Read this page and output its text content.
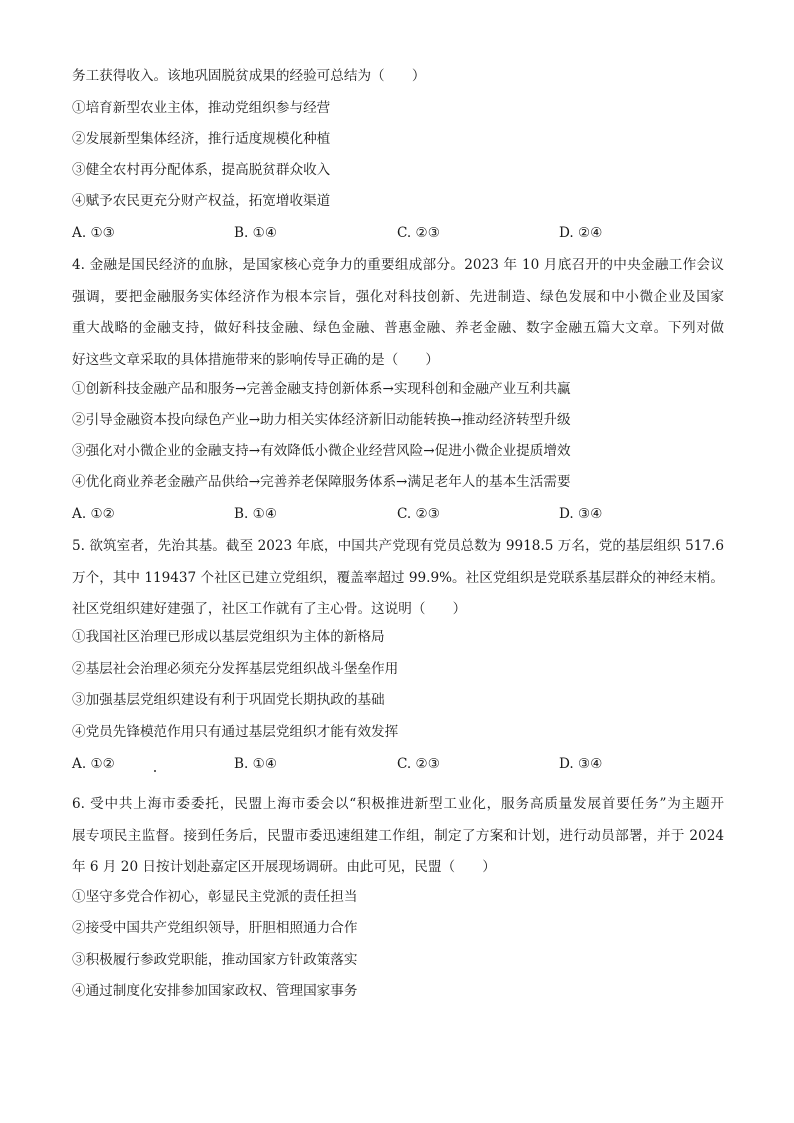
务工获得收入。该地巩固脱贫成果的经验可总结为（　　）
①培育新型农业主体，推动党组织参与经营
②发展新型集体经济，推行适度规模化种植
③健全农村再分配体系，提高脱贫群众收入
④赋予农民更充分财产权益，拓宽增收渠道
A. ①③	B. ①④	C. ②③	D. ②④
4. 金融是国民经济的血脉，是国家核心竞争力的重要组成部分。2023 年 10 月底召开的中央金融工作会议
强调，要把金融服务实体经济作为根本宗旨，强化对科技创新、先进制造、绿色发展和中小微企业及国家
重大战略的金融支持，做好科技金融、绿色金融、普惠金融、养老金融、数字金融五篇大文章。下列对做
好这些文章采取的具体措施带来的影响传导正确的是（　　）
①创新科技金融产品和服务→完善金融支持创新体系→实现科创和金融产业互利共赢
②引导金融资本投向绿色产业→助力相关实体经济新旧动能转换→推动经济转型升级
③强化对小微企业的金融支持→有效降低小微企业经营风险→促进小微企业提质增效
④优化商业养老金融产品供给→完善养老保障服务体系→满足老年人的基本生活需要
A. ①②	B. ①④	C. ②③	D. ③④
5. 欲筑室者，先治其基。截至 2023 年底，中国共产党现有党员总数为 9918.5 万名，党的基层组织 517.6
万个，其中 119437 个社区已建立党组织，覆盖率超过 99.9%。社区党组织是党联系基层群众的神经末梢。
社区党组织建好建强了，社区工作就有了主心骨。这说明（　　）
①我国社区治理已形成以基层党组织为主体的新格局
②基层社会治理必须充分发挥基层党组织战斗堡垒作用
③加强基层党组织建设有利于巩固党长期执政的基础
④党员先锋模范作用只有通过基层党组织才能有效发挥
A. ①②	B. ①④	C. ②③	D. ③④
6. 受中共上海市委委托，民盟上海市委会以“积极推进新型工业化，服务高质量发展首要任务”为主题开
展专项民主监督。接到任务后，民盟市委迅速组建工作组，制定了方案和计划，进行动员部署，并于 2024
年 6 月 20 日按计划赴嘉定区开展现场调研。由此可见，民盟（　　）
①坚守多党合作初心，彰显民主党派的责任担当
②接受中国共产党组织领导，肝胆相照通力合作
③积极履行参政党职能，推动国家方针政策落实
④通过制度化安排参加国家政权、管理国家事务
